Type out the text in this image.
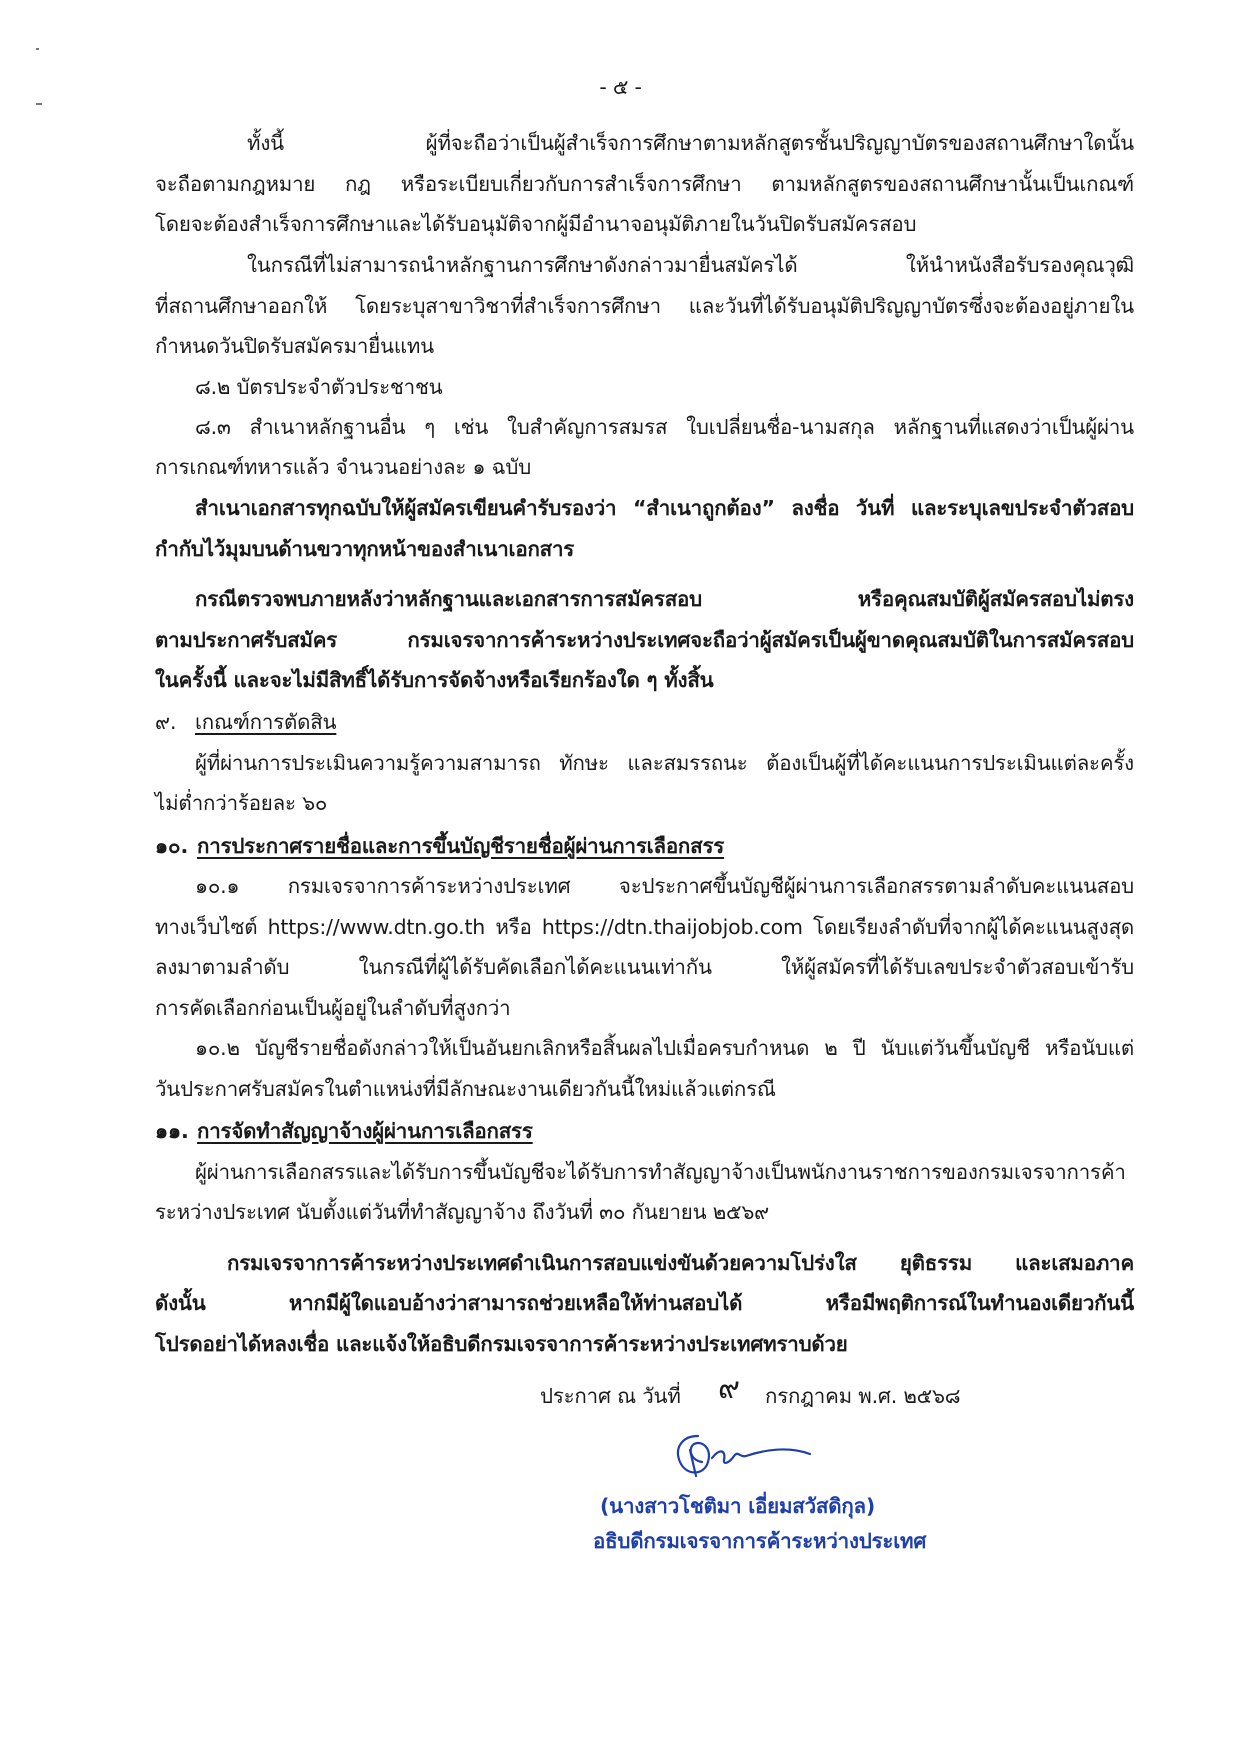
- ๕ -
ทั้งนี้ ผู้ที่จะถือว่าเป็นผู้สำเร็จการศึกษาตามหลักสูตรชั้นปริญญาบัตรของสถานศึกษาใดนั้น
จะถือตามกฎหมาย กฎ หรือระเบียบเกี่ยวกับการสำเร็จการศึกษา ตามหลักสูตรของสถานศึกษานั้นเป็นเกณฑ์
โดยจะต้องสำเร็จการศึกษาและได้รับอนุมัติจากผู้มีอำนาจอนุมัติภายในวันปิดรับสมัครสอบ
ในกรณีที่ไม่สามารถนำหลักฐานการศึกษาดังกล่าวมายื่นสมัครได้ ให้นำหนังสือรับรองคุณวุฒิ
ที่สถานศึกษาออกให้ โดยระบุสาขาวิชาที่สำเร็จการศึกษา และวันที่ได้รับอนุมัติปริญญาบัตรซึ่งจะต้องอยู่ภายใน
กำหนดวันปิดรับสมัครมายื่นแทน
๘.๒ บัตรประจำตัวประชาชน
๘.๓ สำเนาหลักฐานอื่น ๆ เช่น ใบสำคัญการสมรส ใบเปลี่ยนชื่อ-นามสกุล หลักฐานที่แสดงว่าเป็นผู้ผ่าน
การเกณฑ์ทหารแล้ว จำนวนอย่างละ ๑ ฉบับ
สำเนาเอกสารทุกฉบับให้ผู้สมัครเขียนคำรับรองว่า “สำเนาถูกต้อง” ลงชื่อ วันที่ และระบุเลขประจำตัวสอบ
กำกับไว้มุมบนด้านขวาทุกหน้าของสำเนาเอกสาร
กรณีตรวจพบภายหลังว่าหลักฐานและเอกสารการสมัครสอบ หรือคุณสมบัติผู้สมัครสอบไม่ตรง
ตามประกาศรับสมัคร กรมเจรจาการค้าระหว่างประเทศจะถือว่าผู้สมัครเป็นผู้ขาดคุณสมบัติในการสมัครสอบ
ในครั้งนี้ และจะไม่มีสิทธิ์ได้รับการจัดจ้างหรือเรียกร้องใด ๆ ทั้งสิ้น
๙. เกณฑ์การตัดสิน
ผู้ที่ผ่านการประเมินความรู้ความสามารถ ทักษะ และสมรรถนะ ต้องเป็นผู้ที่ได้คะแนนการประเมินแต่ละครั้ง
ไม่ต่ำกว่าร้อยละ ๖๐
๑๐. การประกาศรายชื่อและการขึ้นบัญชีรายชื่อผู้ผ่านการเลือกสรร
๑๐.๑ กรมเจรจาการค้าระหว่างประเทศ จะประกาศขึ้นบัญชีผู้ผ่านการเลือกสรรตามลำดับคะแนนสอบ
ทางเว็บไซต์ https://www.dtn.go.th หรือ https://dtn.thaijobjob.com โดยเรียงลำดับที่จากผู้ได้คะแนนสูงสุด
ลงมาตามลำดับ ในกรณีที่ผู้ได้รับคัดเลือกได้คะแนนเท่ากัน ให้ผู้สมัครที่ได้รับเลขประจำตัวสอบเข้ารับ
การคัดเลือกก่อนเป็นผู้อยู่ในลำดับที่สูงกว่า
๑๐.๒ บัญชีรายชื่อดังกล่าวให้เป็นอันยกเลิกหรือสิ้นผลไปเมื่อครบกำหนด ๒ ปี นับแต่วันขึ้นบัญชี หรือนับแต่
วันประกาศรับสมัครในตำแหน่งที่มีลักษณะงานเดียวกันนี้ใหม่แล้วแต่กรณี
๑๑. การจัดทำสัญญาจ้างผู้ผ่านการเลือกสรร
ผู้ผ่านการเลือกสรรและได้รับการขึ้นบัญชีจะได้รับการทำสัญญาจ้างเป็นพนักงานราชการของกรมเจรจาการค้า
ระหว่างประเทศ นับตั้งแต่วันที่ทำสัญญาจ้าง ถึงวันที่ ๓๐ กันยายน ๒๕๖๙
กรมเจรจาการค้าระหว่างประเทศดำเนินการสอบแข่งขันด้วยความโปร่งใส ยุติธรรม และเสมอภาค
ดังนั้น หากมีผู้ใดแอบอ้างว่าสามารถช่วยเหลือให้ท่านสอบได้ หรือมีพฤติการณ์ในทำนองเดียวกันนี้
โปรดอย่าได้หลงเชื่อ และแจ้งให้อธิบดีกรมเจรจาการค้าระหว่างประเทศทราบด้วย
ประกาศ ณ วันที่ ๙ กรกฎาคม พ.ศ. ๒๕๖๘
(นางสาวโชติมา เอี่ยมสวัสดิกุล)
อธิบดีกรมเจรจาการค้าระหว่างประเทศ
